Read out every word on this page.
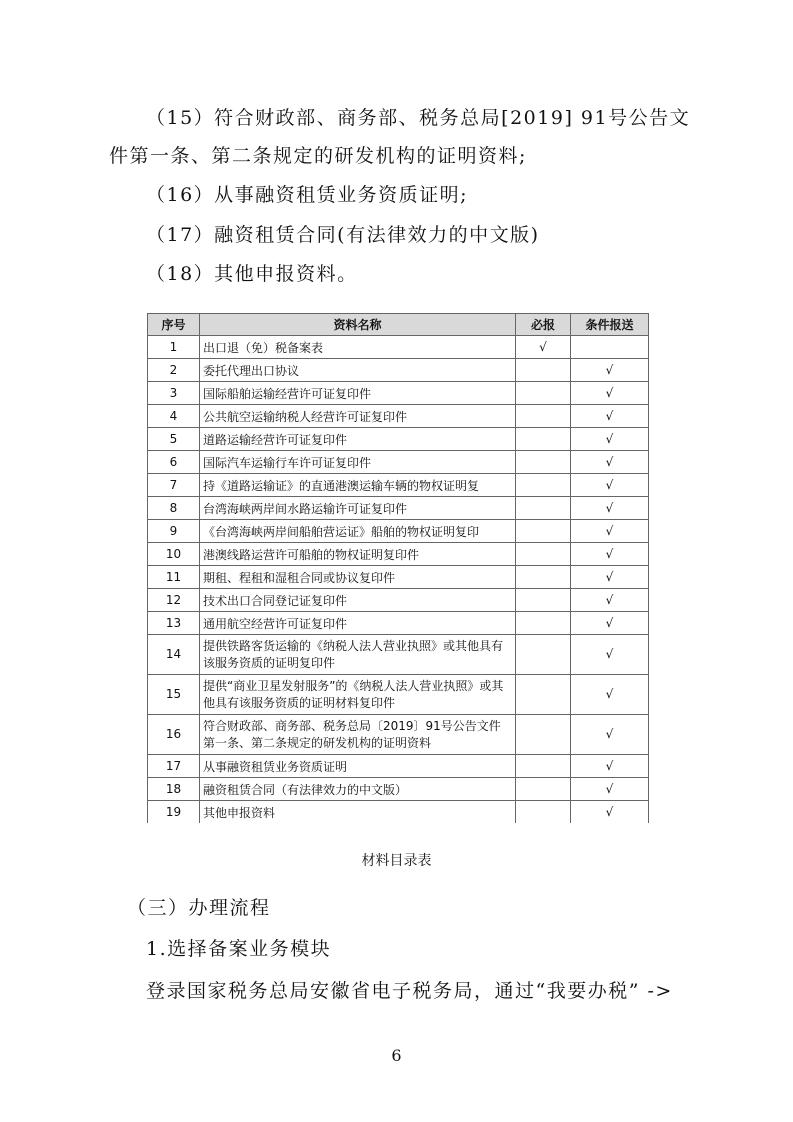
（15）符合财政部、商务部、税务总局[2019] 91号公告文
件第一条、第二条规定的研发机构的证明资料;
（16）从事融资租赁业务资质证明;
（17）融资租赁合同(有法律效力的中文版)
（18）其他申报资料。
序号	资料名称	必报	条件报送
1	出口退（免）税备案表	√	
2	委托代理出口协议		√
3	国际船舶运输经营许可证复印件		√
4	公共航空运输纳税人经营许可证复印件		√
5	道路运输经营许可证复印件		√
6	国际汽车运输行车许可证复印件		√
7	持《道路运输证》的直通港澳运输车辆的物权证明复		√
8	台湾海峡两岸间水路运输许可证复印件		√
9	《台湾海峡两岸间船舶营运证》船舶的物权证明复印		√
10	港澳线路运营许可船舶的物权证明复印件		√
11	期租、程租和湿租合同或协议复印件		√
12	技术出口合同登记证复印件		√
13	通用航空经营许可证复印件		√
14	提供铁路客货运输的《纳税人法人营业执照》或其他具有该服务资质的证明复印件		√
15	提供“商业卫星发射服务”的《纳税人法人营业执照》或其他具有该服务资质的证明材料复印件		√
16	符合财政部、商务部、税务总局〔2019〕91号公告文件第一条、第二条规定的研发机构的证明资料		√
17	从事融资租赁业务资质证明		√
18	融资租赁合同（有法律效力的中文版）		√
19	其他申报资料		√
材料目录表
（三）办理流程
1.选择备案业务模块
登录国家税务总局安徽省电子税务局，通过“我要办税” ->
6
